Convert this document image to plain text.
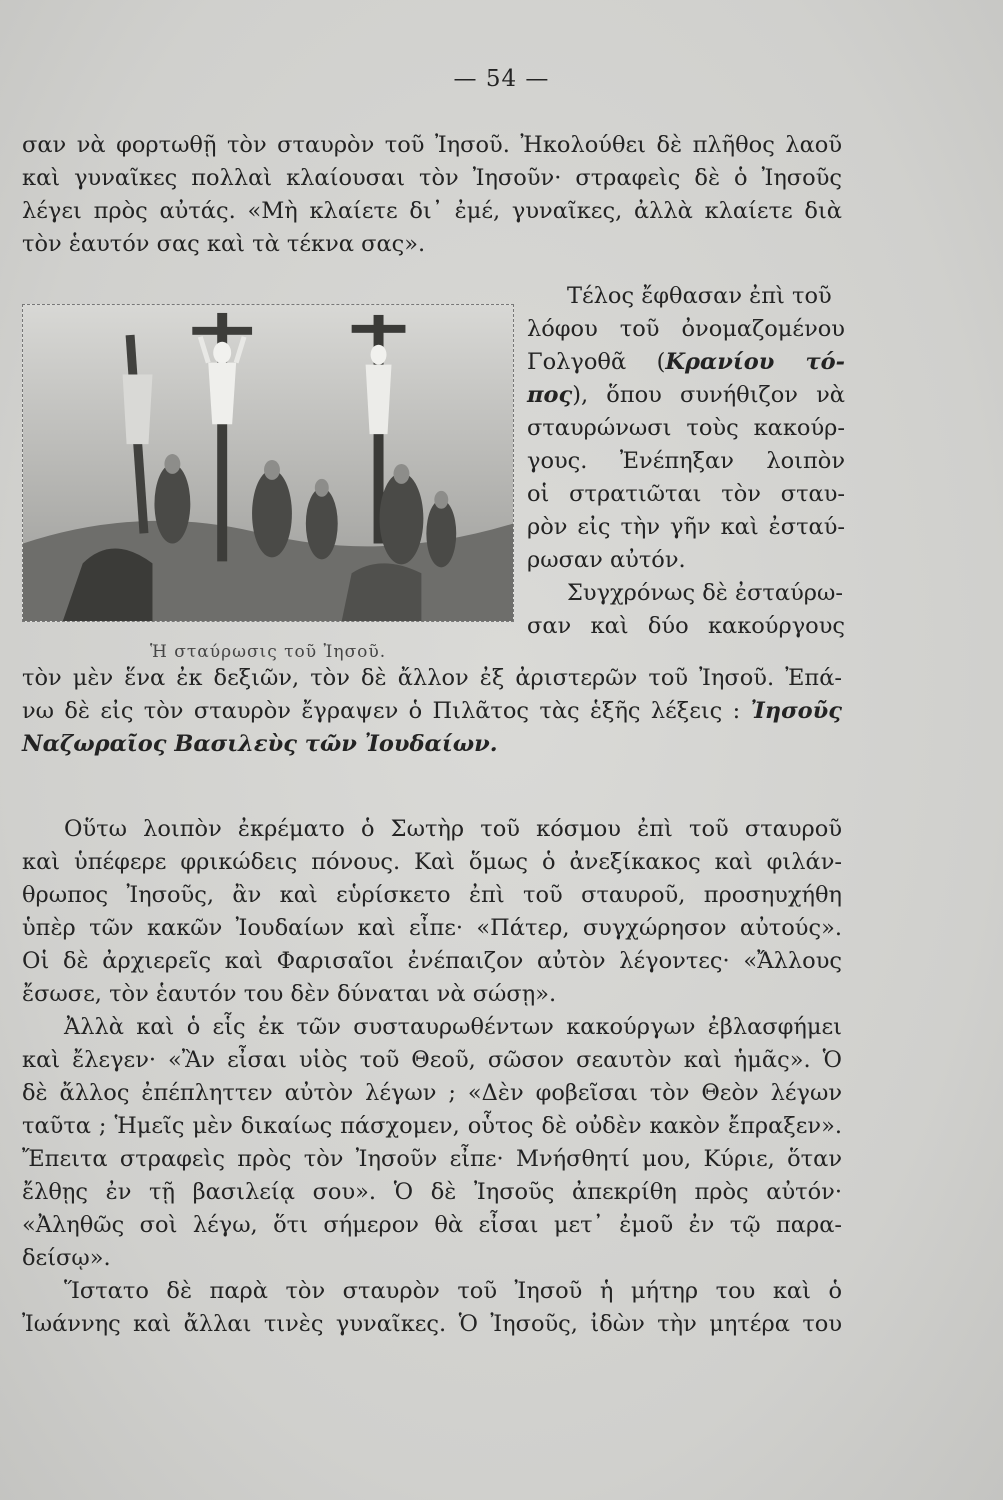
— 54 —
σαν νὰ φορτωθῇ τὸν σταυρὸν τοῦ Ἰησοῦ. Ἠκολούθει δὲ πλῆθος λαοῦ
καὶ γυναῖκες πολλαὶ κλαίουσαι τὸν Ἰησοῦν· στραφεὶς δὲ ὁ Ἰησοῦς
λέγει πρὸς αὐτάς. «Μὴ κλαίετε δι᾽ ἐμέ, γυναῖκες, ἀλλὰ κλαίετε διὰ
τὸν ἑαυτόν σας καὶ τὰ τέκνα σας».
Ἡ σταύρωσις τοῦ Ἰησοῦ.
Τέλος ἔφθασαν ἐπὶ τοῦ
λόφου τοῦ ὀνομαζομένου
Γολγοθᾶ (Κρανίου τό-
πος), ὅπου συνήθιζον νὰ
σταυρώνωσι τοὺς κακούρ-
γους. Ἐνέπηξαν λοιπὸν
οἱ στρατιῶται τὸν σταυ-
ρὸν εἰς τὴν γῆν καὶ ἐσταύ-
ρωσαν αὐτόν.
Συγχρόνως δὲ ἐσταύρω-
σαν καὶ δύο κακούργους
τὸν μὲν ἕνα ἐκ δεξιῶν, τὸν δὲ ἄλλον ἐξ ἀριστερῶν τοῦ Ἰησοῦ. Ἐπά-
νω δὲ εἰς τὸν σταυρὸν ἔγραψεν ὁ Πιλᾶτος τὰς ἑξῆς λέξεις : Ἰησοῦς
Ναζωραῖος Βασιλεὺς τῶν Ἰουδαίων.
Οὕτω λοιπὸν ἐκρέματο ὁ Σωτὴρ τοῦ κόσμου ἐπὶ τοῦ σταυροῦ
καὶ ὑπέφερε φρικώδεις πόνους. Καὶ ὅμως ὁ ἀνεξίκακος καὶ φιλάν-
θρωπος Ἰησοῦς, ἂν καὶ εὑρίσκετο ἐπὶ τοῦ σταυροῦ, προσηυχήθη
ὑπὲρ τῶν κακῶν Ἰουδαίων καὶ εἶπε· «Πάτερ, συγχώρησον αὐτούς».
Οἱ δὲ ἀρχιερεῖς καὶ Φαρισαῖοι ἐνέπαιζον αὐτὸν λέγοντες· «Ἄλλους
ἔσωσε, τὸν ἑαυτόν του δὲν δύναται νὰ σώσῃ».
Ἀλλὰ καὶ ὁ εἷς ἐκ τῶν συσταυρωθέντων κακούργων ἐβλασφήμει
καὶ ἔλεγεν· «Ἂν εἶσαι υἱὸς τοῦ Θεοῦ, σῶσον σεαυτὸν καὶ ἡμᾶς». Ὁ
δὲ ἄλλος ἐπέπληττεν αὐτὸν λέγων ; «Δὲν φοβεῖσαι τὸν Θεὸν λέγων
ταῦτα ; Ἡμεῖς μὲν δικαίως πάσχομεν, οὗτος δὲ οὐδὲν κακὸν ἔπραξεν».
Ἔπειτα στραφεὶς πρὸς τὸν Ἰησοῦν εἶπε· Μνήσθητί μου, Κύριε, ὅταν
ἔλθῃς ἐν τῇ βασιλείᾳ σου». Ὁ δὲ Ἰησοῦς ἀπεκρίθη πρὸς αὐτόν·
«Ἀληθῶς σοὶ λέγω, ὅτι σήμερον θὰ εἶσαι μετ᾽ ἐμοῦ ἐν τῷ παρα-
δείσῳ».
Ἵστατο δὲ παρὰ τὸν σταυρὸν τοῦ Ἰησοῦ ἡ μήτηρ του καὶ ὁ
Ἰωάννης καὶ ἄλλαι τινὲς γυναῖκες. Ὁ Ἰησοῦς, ἰδὼν τὴν μητέρα του
